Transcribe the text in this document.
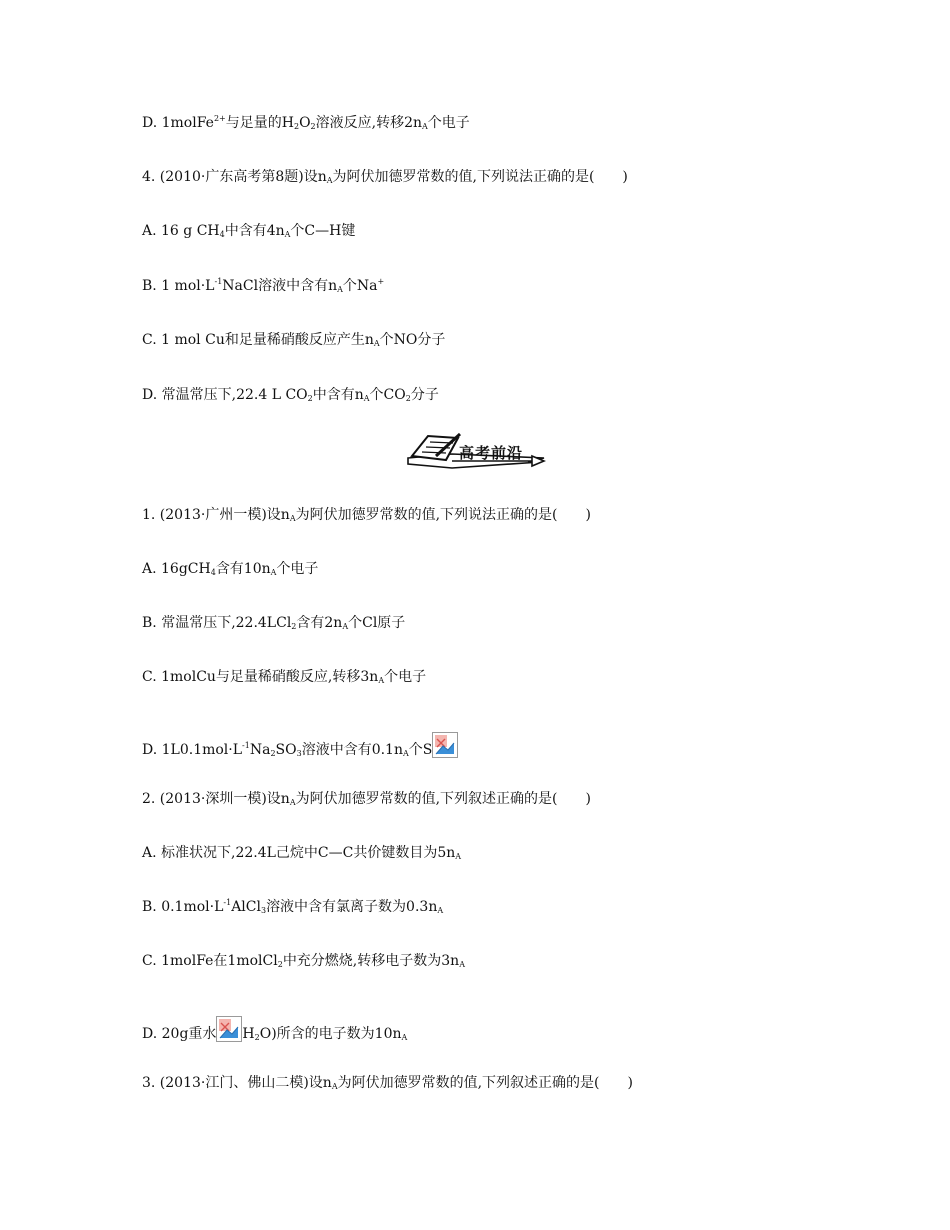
D. 1molFe$^{2+}$与足量的$H_2O_2$溶液反应,转移$2n_A$个电子
4. (2010·广东高考第8题)设$n_A$为阿伏加德罗常数的值,下列说法正确的是(　　)
A. 16 g $CH_4$中含有$4n_A$个C—H键
B. 1 $mol\cdot L^{-1}NaCl$溶液中含有$n_A$个Na+
C. 1 mol Cu和足量稀硝酸反应产生$n_A$个NO分子
D. 常温常压下,22.4 L $CO_2$中含有$n_A$个$CO_2$分子
高考前沿
1. (2013·广州一模)设$n_A$为阿伏加德罗常数的值,下列说法正确的是(　　)
A. 16gCH$_4$含有$10n_A$个电子
B. 常温常压下,22.4LCl$_2$含有$2n_A$个Cl原子
C. 1molCu与足量稀硝酸反应,转移$3n_A$个电子
D. $1L0.1mol\cdot L^{-1}Na_2SO_3$溶液中含有$0.1n_A$个S
2. (2013·深圳一模)设$n_A$为阿伏加德罗常数的值,下列叙述正确的是(　　)
A. 标准状况下,22.4L己烷中C—C共价键数目为$5n_A$
B. $0.1mol\cdot L^{-1}AlCl_3$溶液中含有氯离子数为$0.3n_A$
C. 1molFe在1molCl$_2$中充分燃烧,转移电子数为$3n_A$
D. 20g重水 $H_2O$)所含的电子数为$10n_A$
3. (2013·江门、佛山二模)设$n_A$为阿伏加德罗常数的值,下列叙述正确的是(　　)
